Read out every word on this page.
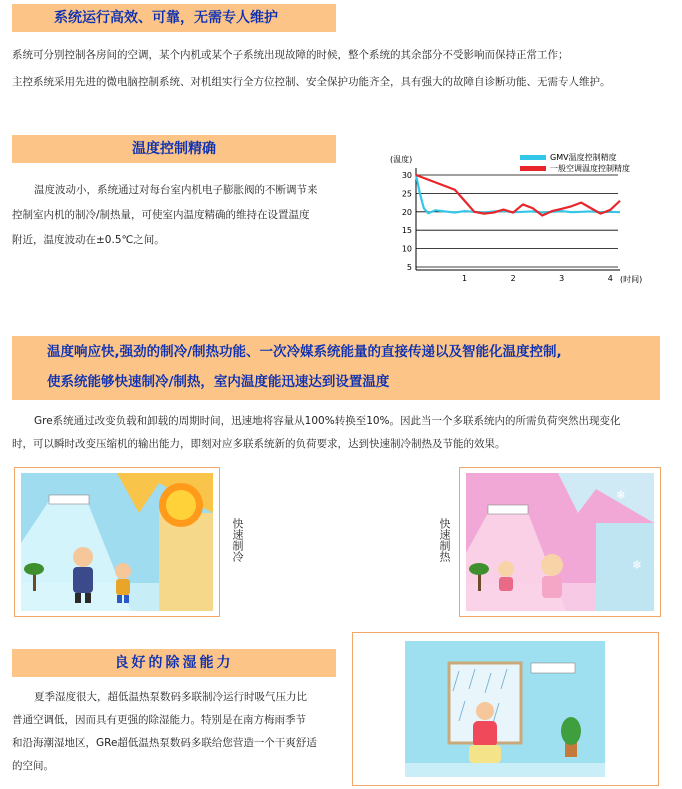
系统运行高效、可靠，无需专人维护
系统可分别控制各房间的空调，某个内机或某个子系统出现故障的时候，整个系统的其余部分不受影响而保持正常工作；
主控系统采用先进的微电脑控制系统、对机组实行全方位控制、安全保护功能齐全，具有强大的故障自诊断功能、无需专人维护。
温度控制精确
温度波动小，系统通过对每台室内机电子膨胀阀的不断调节来
控制室内机的制冷/制热量，可使室内温度精确的维持在设置温度
附近，温度波动在±0.5℃之间。
5
10
15
20
25
30
1	2	3	4
(温度)
(时间)
GMV温度控制精度
一般空调温度控制精度
温度响应快,强劲的制冷/制热功能、一次冷媒系统能量的直接传递以及智能化温度控制,
使系统能够快速制冷/制热，室内温度能迅速达到设置温度
Gre系统通过改变负载和卸载的周期时间，迅速地将容量从100%转换至10%。因此当一个多联系统内的所需负荷突然出现变化
时，可以瞬时改变压缩机的输出能力，即刻对应多联系统新的负荷要求，达到快速制冷制热及节能的效果。
快速制冷	快速制热
❄
❄
良好的除湿能力
夏季湿度很大，超低温热泵数码多联制冷运行时吸气压力比
普通空调低，因而具有更强的除湿能力。特别是在南方梅雨季节
和沿海潮湿地区，GRe超低温热泵数码多联给您营造一个干爽舒适
的空间。
